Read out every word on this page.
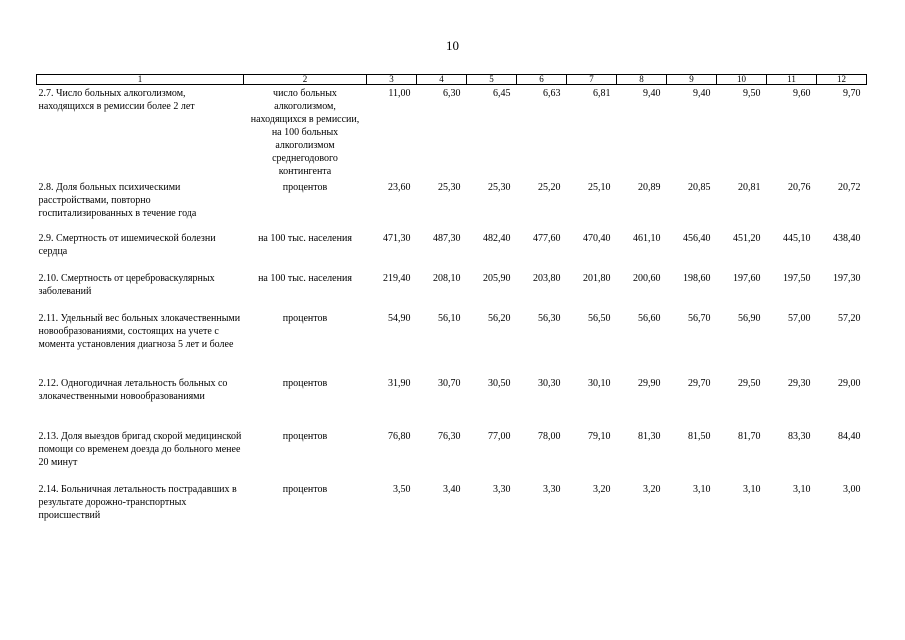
10
1	2	3	4	5	6	7	8	9	10	11	12
2.7. Число больных алкоголизмом, находящихся в ремиссии более 2 лет	число больных алкоголизмом, находящихся в ремиссии, на 100 больных алкоголизмом среднегодового контингента	11,00	6,30	6,45	6,63	6,81	9,40	9,40	9,50	9,60	9,70
2.8. Доля больных психическими расстройствами, повторно госпитализированных в течение года	процентов	23,60	25,30	25,30	25,20	25,10	20,89	20,85	20,81	20,76	20,72
2.9. Смертность от ишемической болезни сердца	на 100 тыс. населения	471,30	487,30	482,40	477,60	470,40	461,10	456,40	451,20	445,10	438,40
2.10. Смертность от цереброваскулярных заболеваний	на 100 тыс. населения	219,40	208,10	205,90	203,80	201,80	200,60	198,60	197,60	197,50	197,30
2.11. Удельный вес больных злокачественными новообразованиями, состоящих на учете с момента установления диагноза 5 лет и более	процентов	54,90	56,10	56,20	56,30	56,50	56,60	56,70	56,90	57,00	57,20
2.12. Одногодичная летальность больных со злокачественными новообразованиями	процентов	31,90	30,70	30,50	30,30	30,10	29,90	29,70	29,50	29,30	29,00
2.13. Доля выездов бригад скорой медицинской помощи со временем доезда до больного менее 20 минут	процентов	76,80	76,30	77,00	78,00	79,10	81,30	81,50	81,70	83,30	84,40
2.14. Больничная летальность пострадавших в результате дорожно-транспортных происшествий	процентов	3,50	3,40	3,30	3,30	3,20	3,20	3,10	3,10	3,10	3,00
